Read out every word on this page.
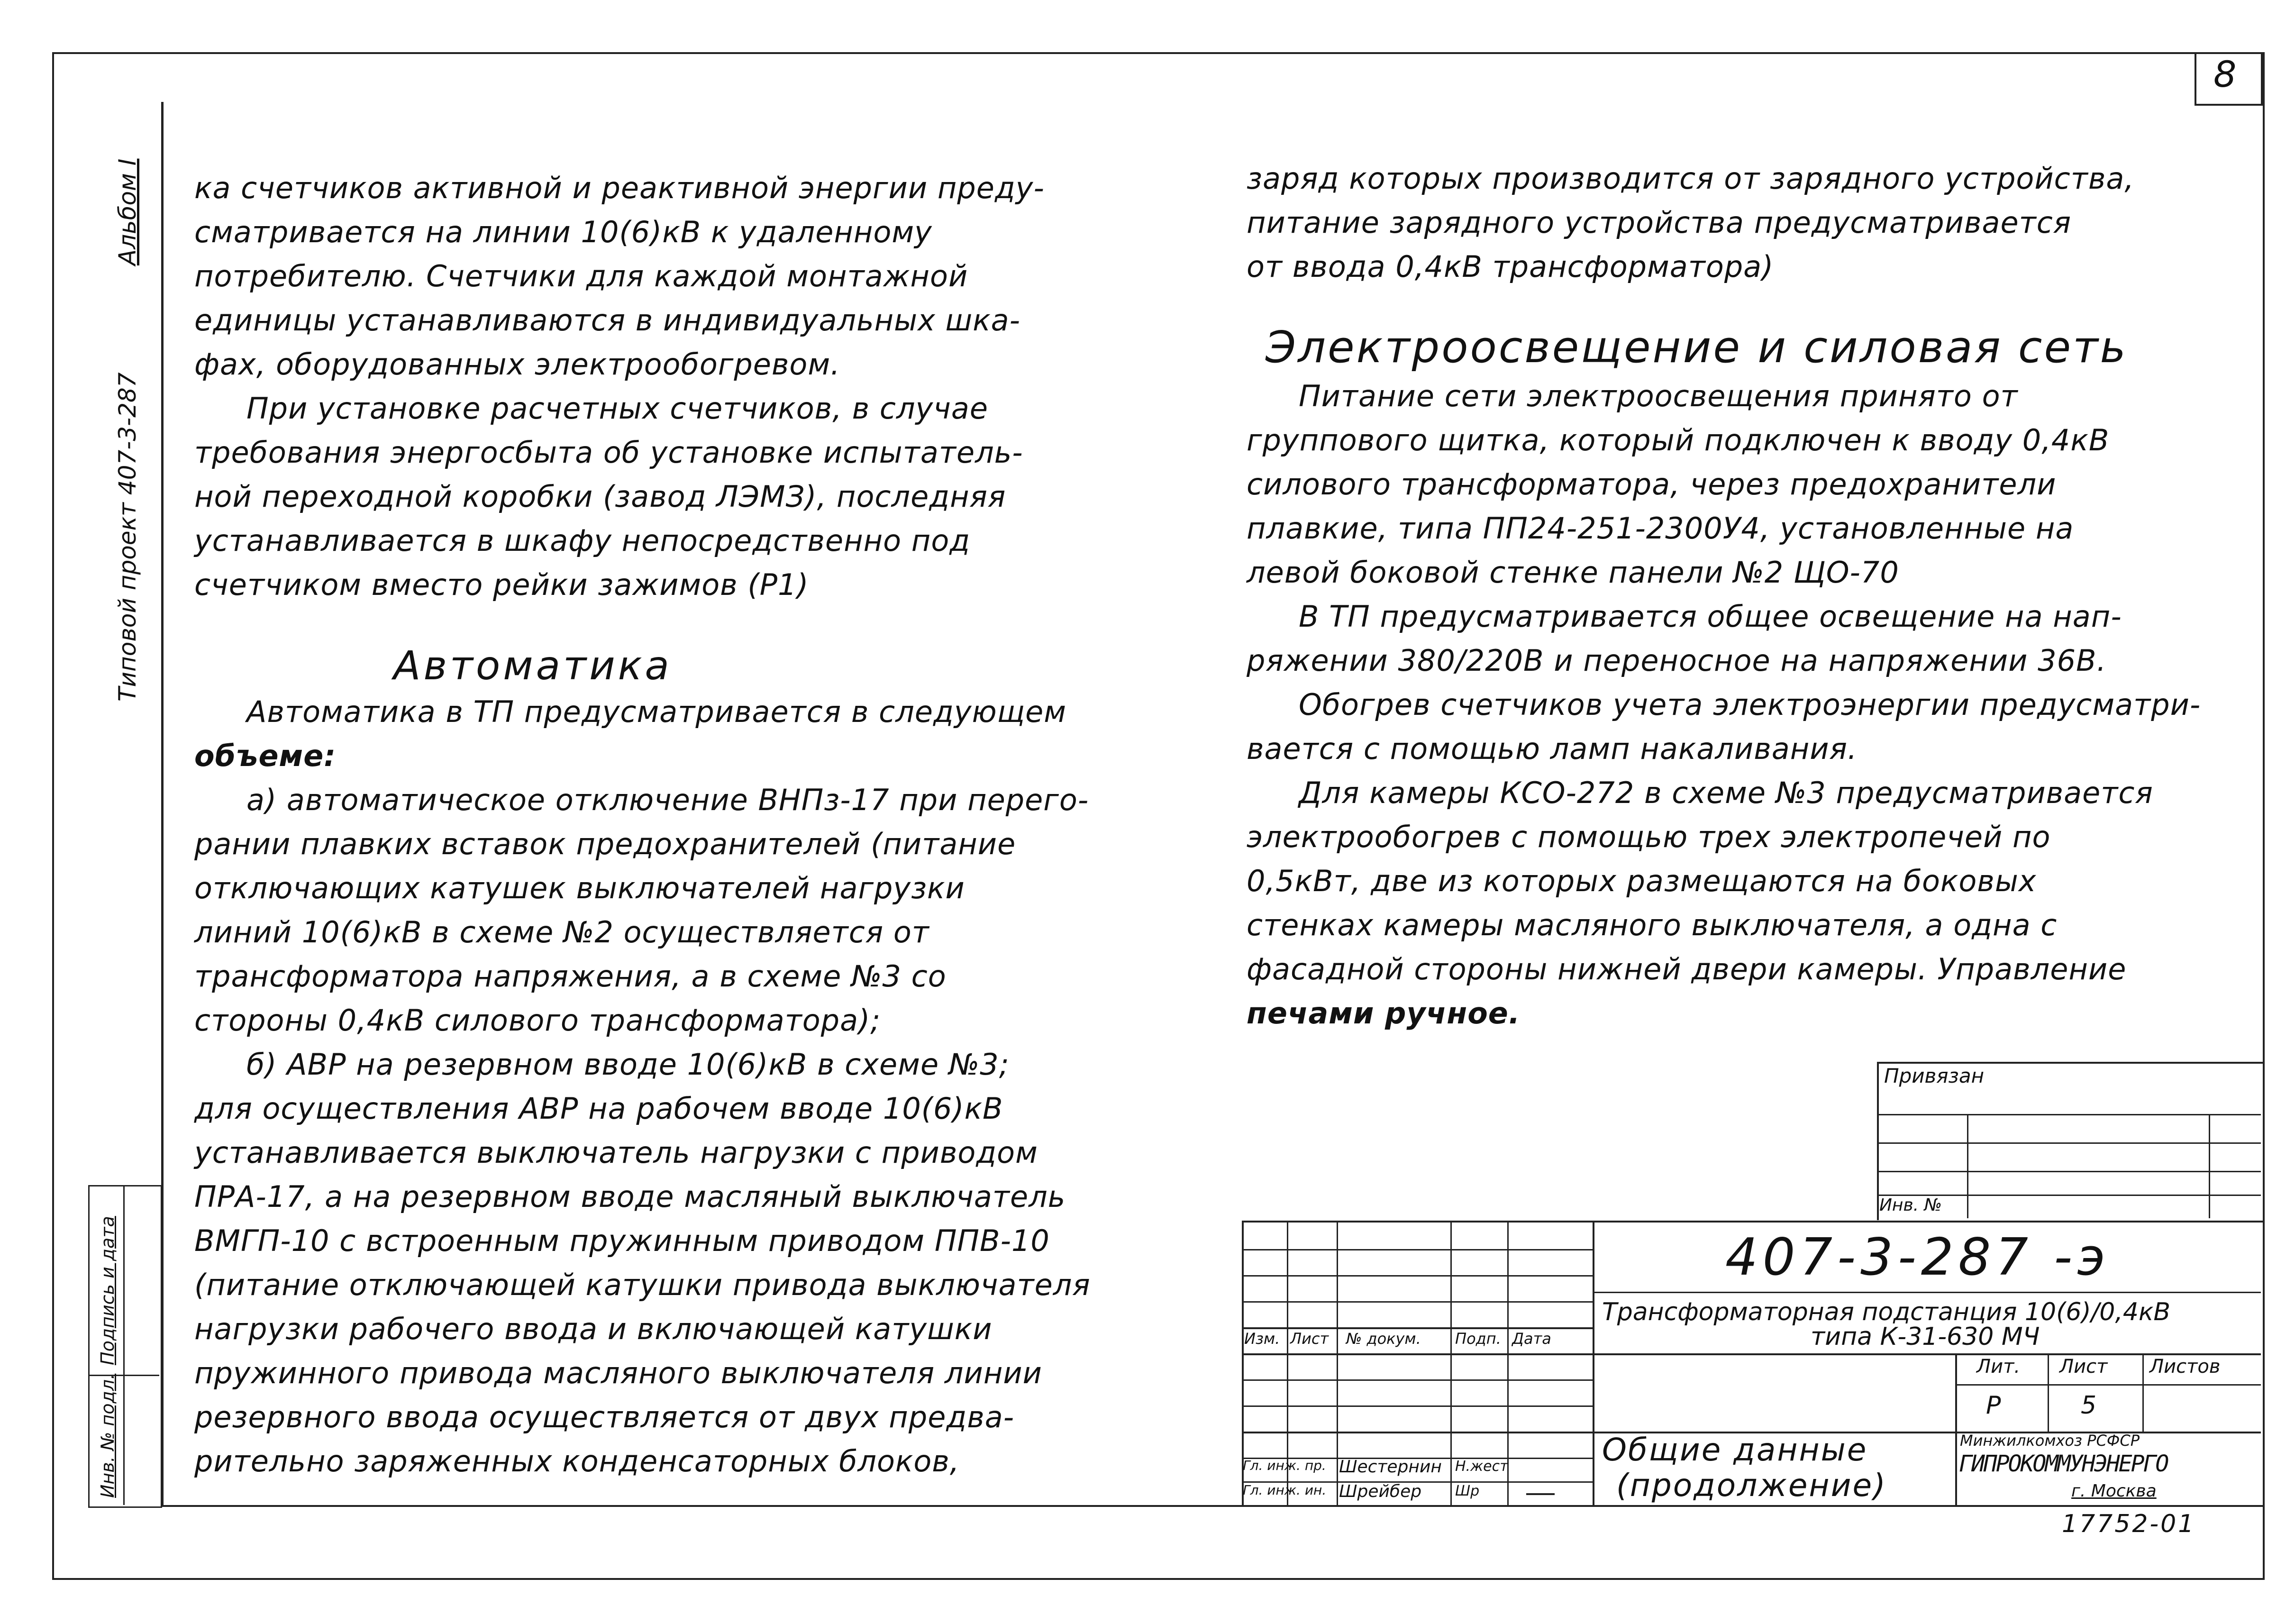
8
Альбом I
Типовой проект 407-3-287
Инв. № подл.
Подпись и дата
ка счетчиков активной и реактивной энергии преду-
сматривается на линии 10(6)кВ к удаленному
потребителю. Счетчики для каждой монтажной
единицы устанавливаются в индивидуальных шка-
фах, оборудованных электрообогревом.
При установке расчетных счетчиков, в случае
требования энергосбыта об установке испытатель-
ной переходной коробки (завод ЛЭМЗ), последняя
устанавливается в шкафу непосредственно под
счетчиком вместо рейки зажимов (Р1)
Автоматика
Автоматика в ТП предусматривается в следующем
объеме:
а) автоматическое отключение ВНПз-17 при перего-
рании плавких вставок предохранителей (питание
отключающих катушек выключателей нагрузки
линий 10(6)кВ в схеме №2 осуществляется от
трансформатора напряжения, а в схеме №3 со
стороны 0,4кВ силового трансформатора);
б) АВР на резервном вводе 10(6)кВ в схеме №3;
для осуществления АВР на рабочем вводе 10(6)кВ
устанавливается выключатель нагрузки с приводом
ПРА-17, а на резервном вводе масляный выключатель
ВМГП-10 с встроенным пружинным приводом ППВ-10
(питание отключающей катушки привода выключателя
нагрузки рабочего ввода и включающей катушки
пружинного привода масляного выключателя линии
резервного ввода осуществляется от двух предва-
рительно заряженных конденсаторных блоков,
заряд которых производится от зарядного устройства,
питание зарядного устройства предусматривается
от ввода 0,4кВ трансформатора)
Электроосвещение и силовая сеть
Питание сети электроосвещения принято от
группового щитка, который подключен к вводу 0,4кВ
силового трансформатора, через предохранители
плавкие, типа ПП24-251-2300У4, установленные на
левой боковой стенке панели №2 ЩО-70
В ТП предусматривается общее освещение на нап-
ряжении 380/220В и переносное на напряжении 36В.
Обогрев счетчиков учета электроэнергии предусматри-
вается с помощью ламп накаливания.
Для камеры КСО-272 в схеме №3 предусматривается
электрообогрев с помощью трех электропечей по
0,5кВт, две из которых размещаются на боковых
стенках камеры масляного выключателя, а одна с
фасадной стороны нижней двери камеры. Управление
печами ручное.
Привязан
Инв. №
Изм. Лист № докум. Подп. Дата
Гл. инж. пр. Шестернин Н.жест
Гл. инж. ин. Шрейбер Шр
407-3-287 -э
Трансформаторная подстанция 10(6)/0,4кВ
типа К-31-630 МЧ
Лит. Лист Листов
Р	5
Общие данные
(продолжение)
Минжилкомхоз РСФСР
ГИПРОКОММУНЭНЕРГО
г. Москва
17752-01
